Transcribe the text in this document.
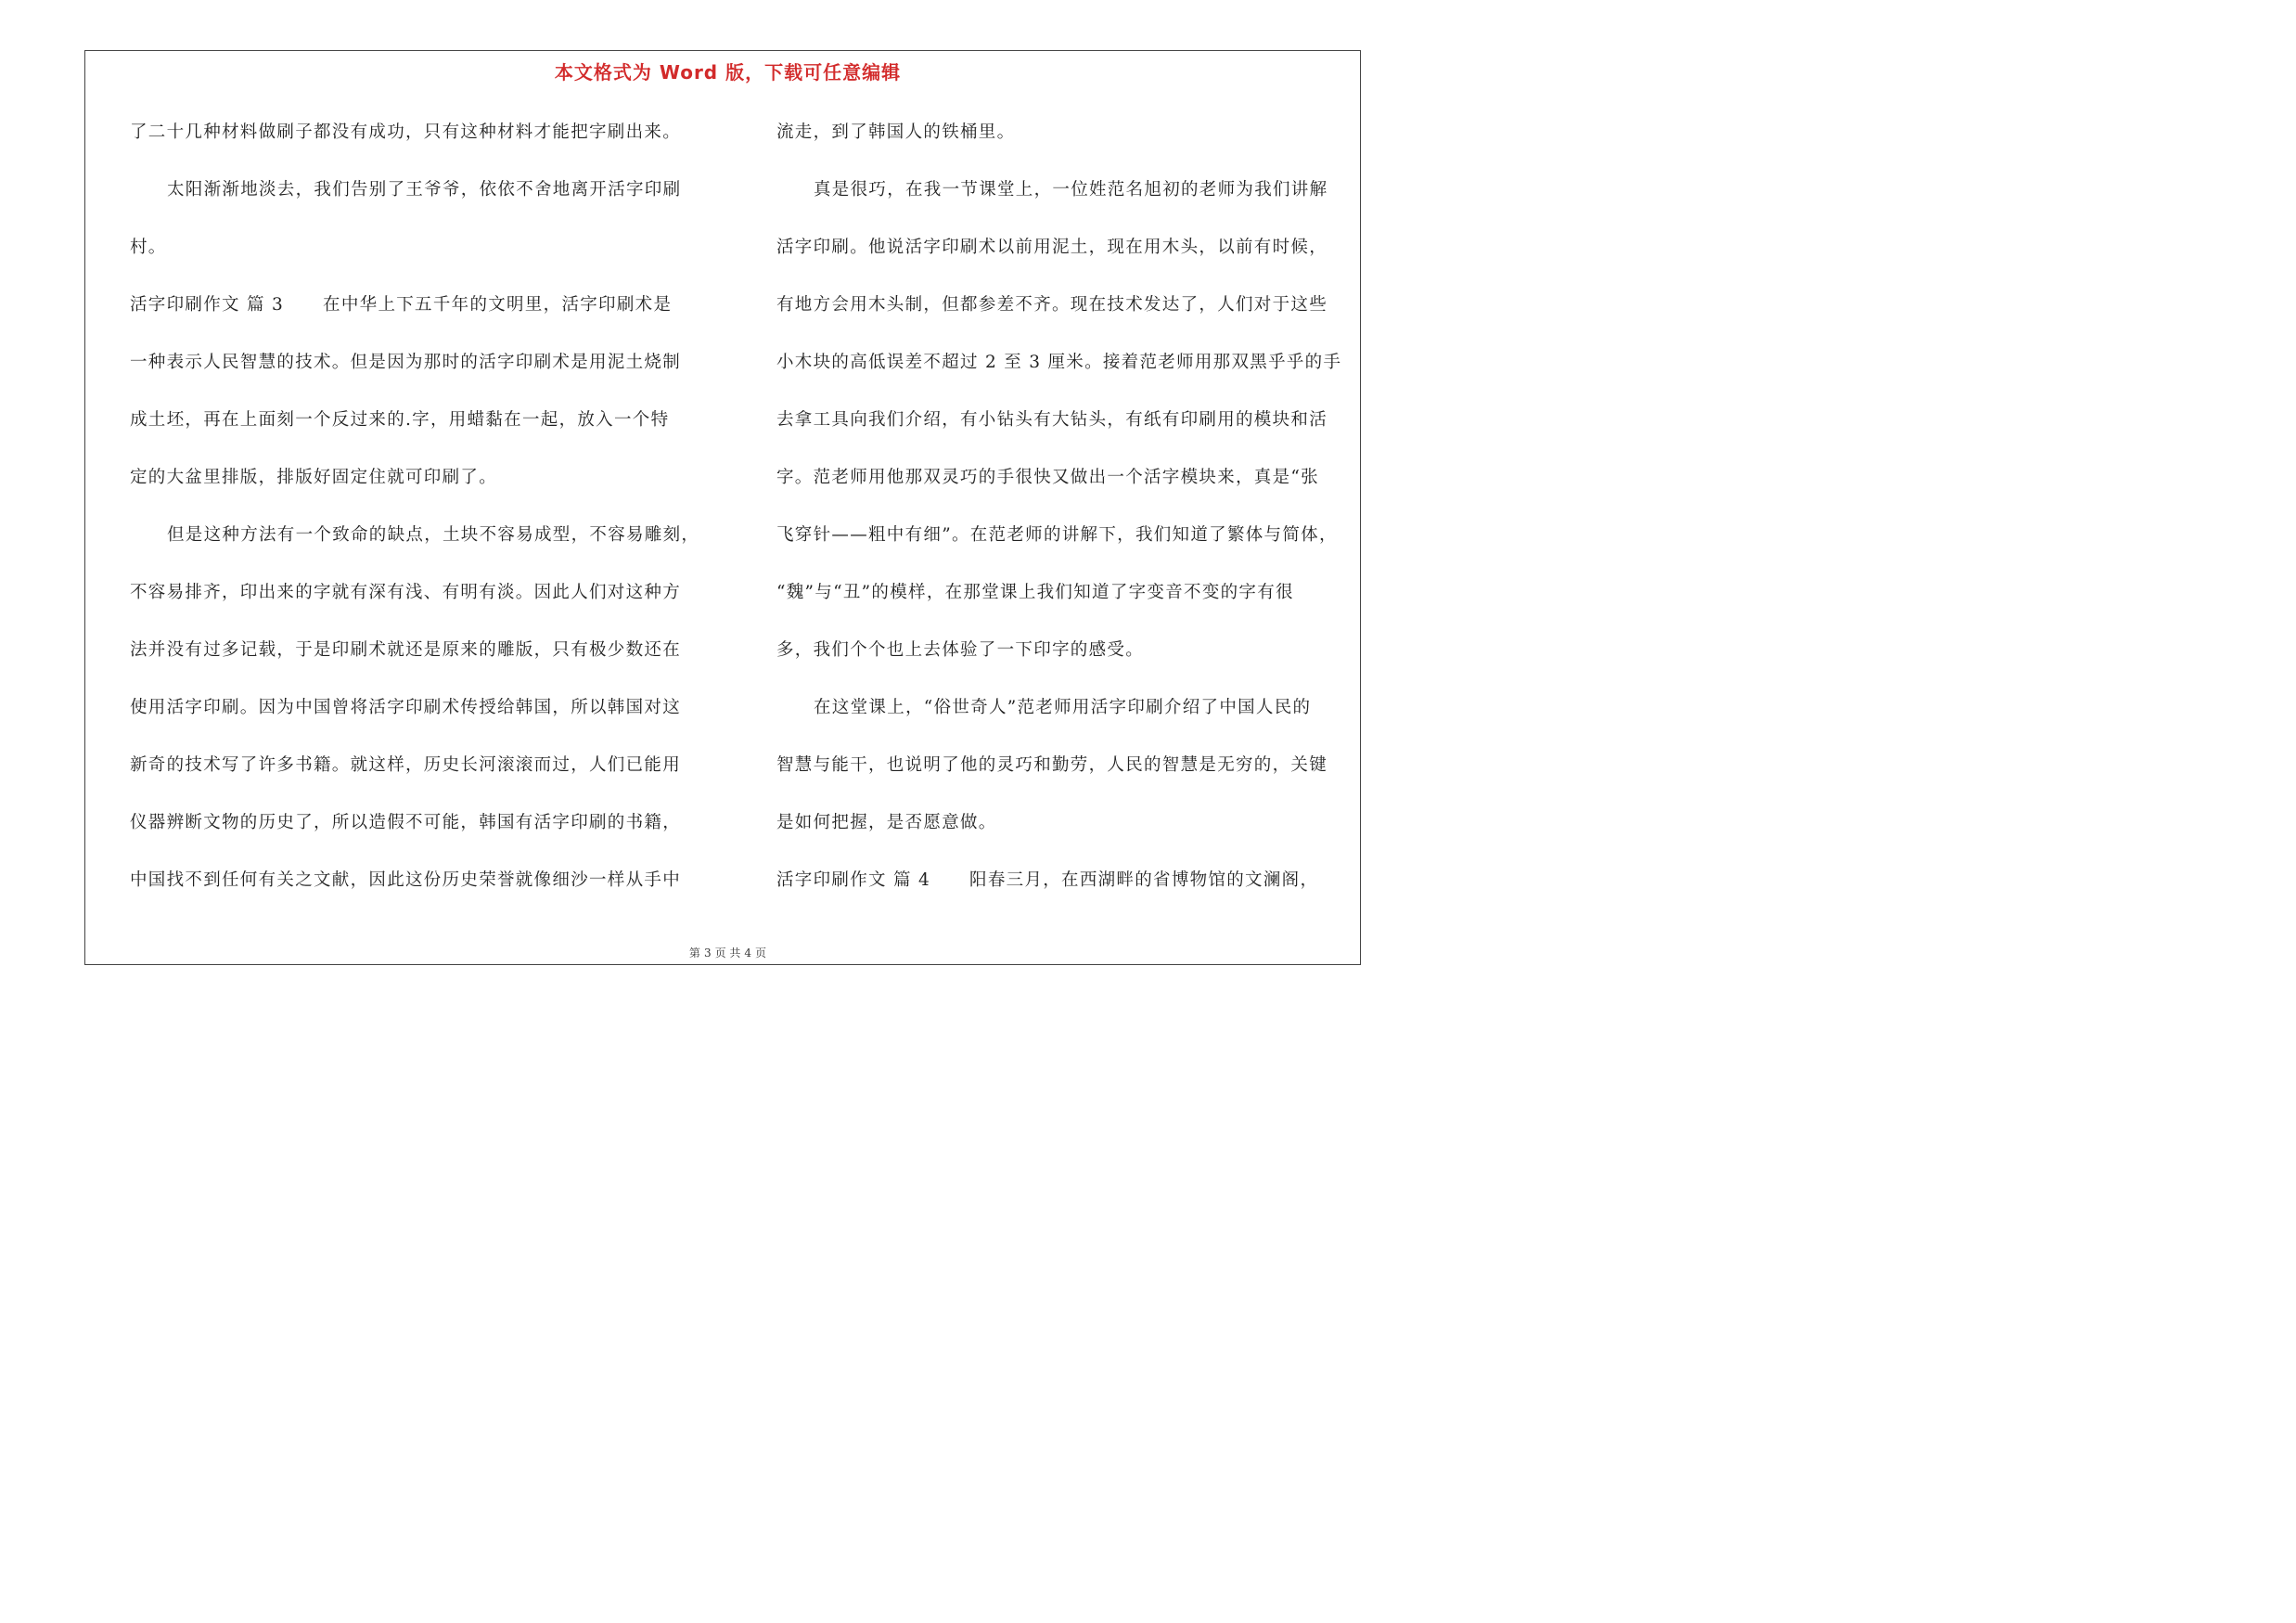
本文格式为 Word 版，下载可任意编辑
了二十几种材料做刷子都没有成功，只有这种材料才能把字刷出来。
太阳渐渐地淡去，我们告别了王爷爷，依依不舍地离开活字印刷
村。
活字印刷作文 篇 3 在中华上下五千年的文明里，活字印刷术是
一种表示人民智慧的技术。但是因为那时的活字印刷术是用泥土烧制
成土坯，再在上面刻一个反过来的.字，用蜡黏在一起，放入一个特
定的大盆里排版，排版好固定住就可印刷了。
但是这种方法有一个致命的缺点，土块不容易成型，不容易雕刻，
不容易排齐，印出来的字就有深有浅、有明有淡。因此人们对这种方
法并没有过多记载，于是印刷术就还是原来的雕版，只有极少数还在
使用活字印刷。因为中国曾将活字印刷术传授给韩国，所以韩国对这
新奇的技术写了许多书籍。就这样，历史长河滚滚而过，人们已能用
仪器辨断文物的历史了，所以造假不可能，韩国有活字印刷的书籍，
中国找不到任何有关之文献，因此这份历史荣誉就像细沙一样从手中
流走，到了韩国人的铁桶里。
真是很巧，在我一节课堂上，一位姓范名旭初的老师为我们讲解
活字印刷。他说活字印刷术以前用泥土，现在用木头，以前有时候，
有地方会用木头制，但都参差不齐。现在技术发达了，人们对于这些
小木块的高低误差不超过 2 至 3 厘米。接着范老师用那双黑乎乎的手
去拿工具向我们介绍，有小钻头有大钻头，有纸有印刷用的模块和活
字。范老师用他那双灵巧的手很快又做出一个活字模块来，真是“张
飞穿针——粗中有细”。在范老师的讲解下，我们知道了繁体与简体，
“魏”与“丑”的模样，在那堂课上我们知道了字变音不变的字有很
多，我们个个也上去体验了一下印字的感受。
在这堂课上，“俗世奇人”范老师用活字印刷介绍了中国人民的
智慧与能干，也说明了他的灵巧和勤劳，人民的智慧是无穷的，关键
是如何把握，是否愿意做。
活字印刷作文 篇 4 阳春三月，在西湖畔的省博物馆的文澜阁，
第 3 页 共 4 页
